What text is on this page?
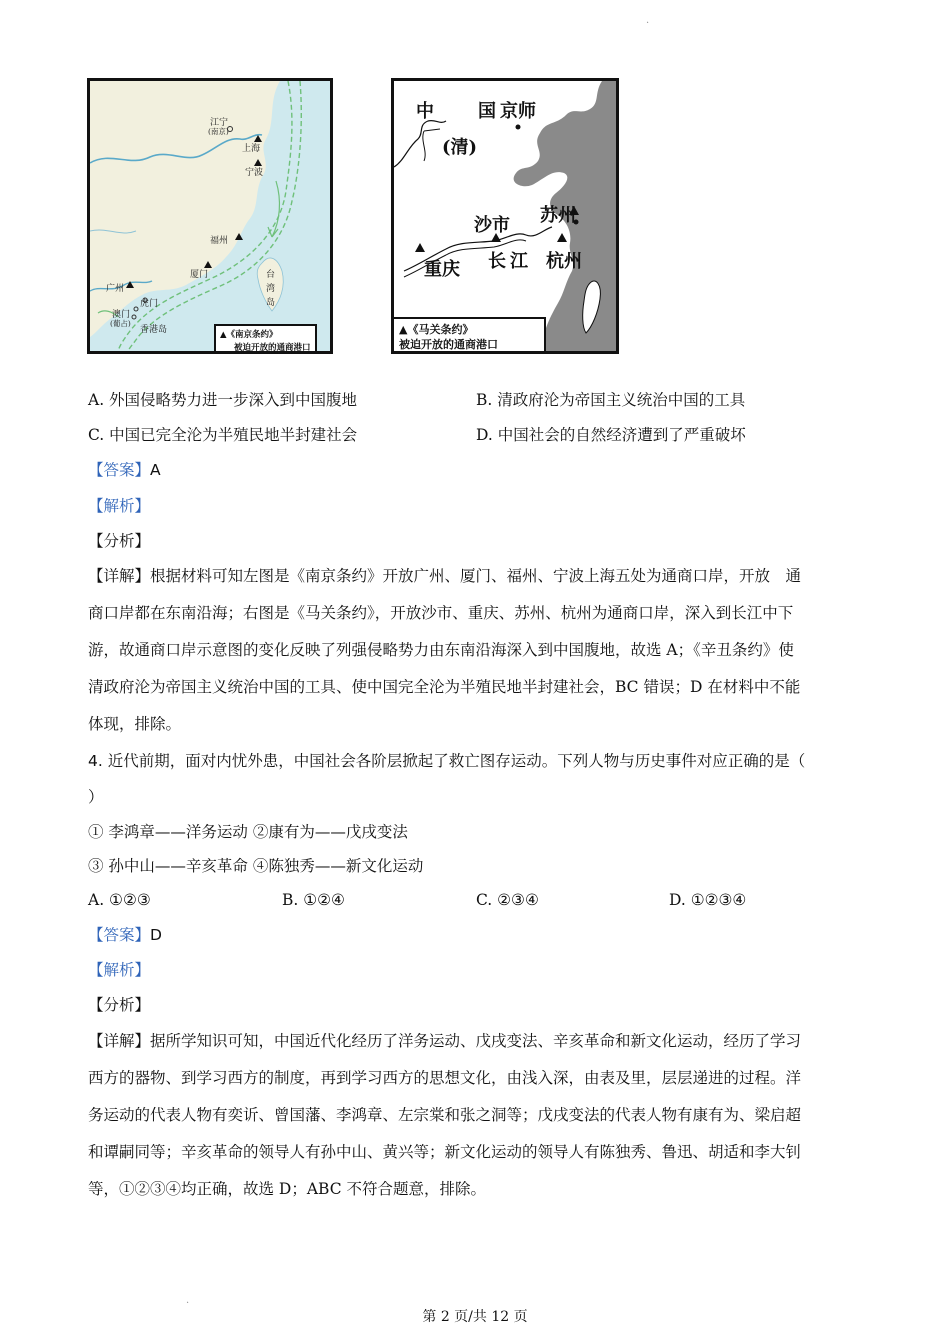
·
·
江宁
(南京)
上海
宁波
福州
厦门
广州
虎门
澳门
(葡占)
香港岛
台
湾
岛
▲《南京条约》
被迫开放的通商港口
中 国 京师
(清)
苏州
沙市
重庆 长 江 杭州
▲《马关条约》
被迫开放的通商港口
A. 外国侵略势力进一步深入到中国腹地	B. 清政府沦为帝国主义统治中国的工具
C. 中国已完全沦为半殖民地半封建社会	D. 中国社会的自然经济遭到了严重破坏
【答案】A
【解析】
【分析】
【详解】根据材料可知左图是《南京条约》开放广州、厦门、福州、宁波上海五处为通商口岸，开放　通
商口岸都在东南沿海；右图是《马关条约》，开放沙市、重庆、苏州、杭州为通商口岸，深入到长江中下
游，故通商口岸示意图的变化反映了列强侵略势力由东南沿海深入到中国腹地，故选 A；《辛丑条约》使
清政府沦为帝国主义统治中国的工具、使中国完全沦为半殖民地半封建社会，BC 错误；D 在材料中不能
体现，排除。
4. 近代前期，面对内忧外患，中国社会各阶层掀起了救亡图存运动。下列人物与历史事件对应正确的是（
）
① 李鸿章——洋务运动 ②康有为——戊戌变法
③ 孙中山——辛亥革命 ④陈独秀——新文化运动
A. ①②③	B. ①②④	C. ②③④	D. ①②③④
【答案】D
【解析】
【分析】
【详解】据所学知识可知，中国近代化经历了洋务运动、戊戌变法、辛亥革命和新文化运动，经历了学习
西方的器物、到学习西方的制度，再到学习西方的思想文化，由浅入深，由表及里，层层递进的过程。洋
务运动的代表人物有奕䜣、曾国藩、李鸿章、左宗棠和张之洞等；戊戌变法的代表人物有康有为、梁启超
和谭嗣同等；辛亥革命的领导人有孙中山、黄兴等；新文化运动的领导人有陈独秀、鲁迅、胡适和李大钊
等，①②③④均正确，故选 D；ABC 不符合题意，排除。
第 2 页/共 12 页
